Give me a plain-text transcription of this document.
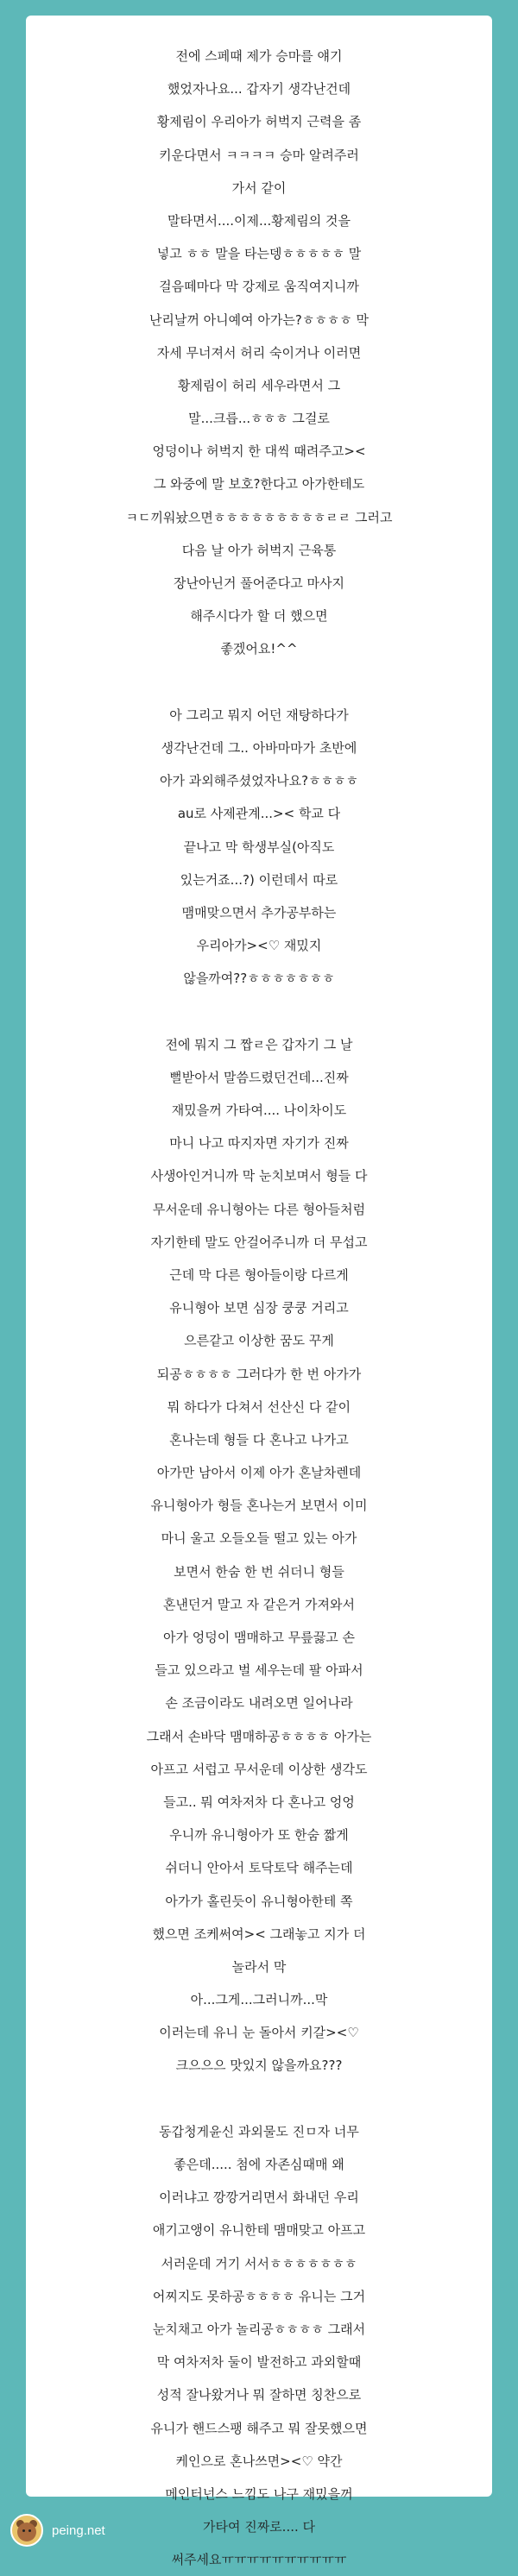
전에 스페때 제가 승마를 얘기
했었자나요... 갑자기 생각난건데
황제림이 우리아가 허벅지 근력을 좀
키운다면서 ㅋㅋㅋㅋ 승마 알려주러
가서 같이
말타면서....이제...황제림의 것을
넣고 ㅎㅎ 말을 타는뎅ㅎㅎㅎㅎㅎ 말
걸음떼마다 막 강제로 움직여지니까
난리날꺼 아니예여 아가는?ㅎㅎㅎㅎ 막
자세 무너져서 허리 숙이거나 이러면
황제림이 허리 세우라면서 그
말...크릅...ㅎㅎㅎ 그걸로
엉덩이나 허벅지 한 대씩 때려주고><
그 와중에 말 보호?한다고 아가한테도
ㅋㄷ끼워놨으면ㅎㅎㅎㅎㅎㅎㅎㅎㅎㄹㄹ 그러고
다음 날 아가 허벅지 근육통
장난아닌거 풀어준다고 마사지
해주시다가 할 더 했으면
좋겠어요!^^
아 그리고 뭐지 어던 재탕하다가
생각난건데 그.. 아바마마가 초반에
아가 과외해주셨었자나요?ㅎㅎㅎㅎ
au로 사제관계...>< 학교 다
끝나고 막 학생부실(아직도
있는거죠...?) 이런데서 따로
맴매맞으면서 추가공부하는
우리아가><♡ 재밌지
않을까여??ㅎㅎㅎㅎㅎㅎㅎ
전에 뭐지 그 짭ㄹ은 갑자기 그 날
뻘받아서 말씀드렸던건데...진짜
재밌을꺼 가타여.... 나이차이도
마니 나고 따지자면 자기가 진짜
사생아인거니까 막 눈치보며서 형들 다
무서운데 유니형아는 다른 형아들처럼
자기한테 말도 안걸어주니까 더 무섭고
근데 막 다른 형아들이랑 다르게
유니형아 보면 심장 쿵쿵 거리고
으른같고 이상한 꿈도 꾸게
되공ㅎㅎㅎㅎ 그러다가 한 번 아가가
뭐 하다가 다쳐서 선산신 다 같이
혼나는데 형들 다 혼나고 나가고
아가만 남아서 이제 아가 혼날차렌데
유니형아가 형들 혼나는거 보면서 이미
마니 울고 오들오들 떨고 있는 아가
보면서 한숨 한 번 쉬더니 형들
혼낸던거 말고 자 같은거 가져와서
아가 엉덩이 맴매하고 무릎끓고 손
들고 있으라고 벌 세우는데 팔 아파서
손 조금이라도 내려오면 일어나라
그래서 손바닥 맴매하공ㅎㅎㅎㅎ 아가는
아프고 서럽고 무서운데 이상한 생각도
들고.. 뭐 여차저차 다 혼나고 엉엉
우니까 유니형아가 또 한숨 짧게
쉬더니 안아서 토닥토닥 해주는데
아가가 홀린듯이 유니형아한테 쪽
했으면 조케써여>< 그래놓고 지가 더
놀라서 막
아...그게...그러니까...막
이러는데 유니 눈 돌아서 키갈><♡
크으으으 맛있지 않을까요???
동갑청게윤신 과외물도 진ㅁ자 너무
좋은데..... 첨에 자존심때매 왜
이러냐고 깡깡거리면서 화내던 우리
애기고앵이 유니한테 맴매맞고 아프고
서러운데 거기 서서ㅎㅎㅎㅎㅎㅎㅎ
어찌지도 못하공ㅎㅎㅎㅎ 유니는 그거
눈치채고 아가 놀리공ㅎㅎㅎㅎ 그래서
막 여차저차 둘이 발전하고 과외할때
성적 잘나왔거나 뭐 잘하면 칭찬으로
유니가 핸드스팽 해주고 뭐 잘못했으면
케인으로 혼나쓰면><♡ 약간
메인터넌스 느낌도 나구 재밌을꺼
가타여 진짜로.... 다
써주세요ㅠㅠㅠㅠㅠㅠㅠㅠㅠㅠ
peing.net
